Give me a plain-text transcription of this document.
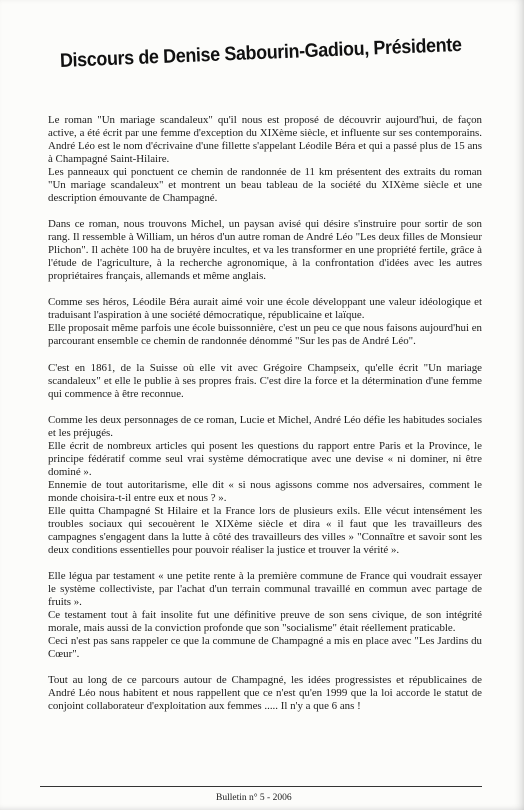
Discours de Denise Sabourin-Gadiou, Présidente

Le roman "Un mariage scandaleux" qu'il nous est proposé de découvrir aujourd'hui, de façon active, a été écrit par une femme d'exception du XIXème siècle, et influente sur ses contemporains. André Léo est le nom d'écrivaine d'une fillette s'appelant Léodile Béra et qui a passé plus de 15 ans à Champagné Saint-Hilaire.

Les panneaux qui ponctuent ce chemin de randonnée de 11 km présentent des extraits du roman "Un mariage scandaleux" et montrent un beau tableau de la société du XIXème siècle et une description émouvante de Champagné.

Dans ce roman, nous trouvons Michel, un paysan avisé qui désire s'instruire pour sortir de son rang. Il ressemble à William, un héros d'un autre roman de André Léo "Les deux filles de Monsieur Plichon". Il achète 100 ha de bruyère incultes, et va les transformer en une propriété fertile, grâce à l'étude de l'agriculture, à la recherche agronomique, à la confrontation d'idées avec les autres propriétaires français, allemands et même anglais.

Comme ses héros, Léodile Béra aurait aimé voir une école développant une valeur idéologique et traduisant l'aspiration à une société démocratique, républicaine et laïque.

Elle proposait même parfois une école buissonnière, c'est un peu ce que nous faisons aujourd'hui en parcourant ensemble ce chemin de randonnée dénommé "Sur les pas de André Léo".

C'est en 1861, de la Suisse où elle vit avec Grégoire Champseix, qu'elle écrit "Un mariage scandaleux" et elle le publie à ses propres frais. C'est dire la force et la détermination d'une femme qui commence à être reconnue.

Comme les deux personnages de ce roman, Lucie et Michel, André Léo défie les habitudes sociales et les préjugés.

Elle écrit de nombreux articles qui posent les questions du rapport entre Paris et la Province, le principe fédératif comme seul vrai système démocratique avec une devise « ni dominer, ni être dominé ».

Ennemie de tout autoritarisme, elle dit « si nous agissons comme nos adversaires, comment le monde choisira-t-il entre eux et nous ? ».

Elle quitta Champagné St Hilaire et la France lors de plusieurs exils. Elle vécut intensément les troubles sociaux qui secouèrent le XIXème siècle et dira « il faut que les travailleurs des campagnes s'engagent dans la lutte à côté des travailleurs des villes » "Connaître et savoir sont les deux conditions essentielles pour pouvoir réaliser la justice et trouver la vérité ».

Elle légua par testament « une petite rente à la première commune de France qui voudrait essayer le système collectiviste, par l'achat d'un terrain communal travaillé en commun avec partage de fruits ».

Ce testament tout à fait insolite fut une définitive preuve de son sens civique, de son intégrité morale, mais aussi de la conviction profonde que son "socialisme" était réellement praticable.

Ceci n'est pas sans rappeler ce que la commune de Champagné a mis en place avec "Les Jardins du Cœur".

Tout au long de ce parcours autour de Champagné, les idées progressistes et républicaines de André Léo nous habitent et nous rappellent que ce n'est qu'en 1999 que la loi accorde le statut de conjoint collaborateur d'exploitation aux femmes ..... Il n'y a que 6 ans !

Bulletin n° 5 - 2006
